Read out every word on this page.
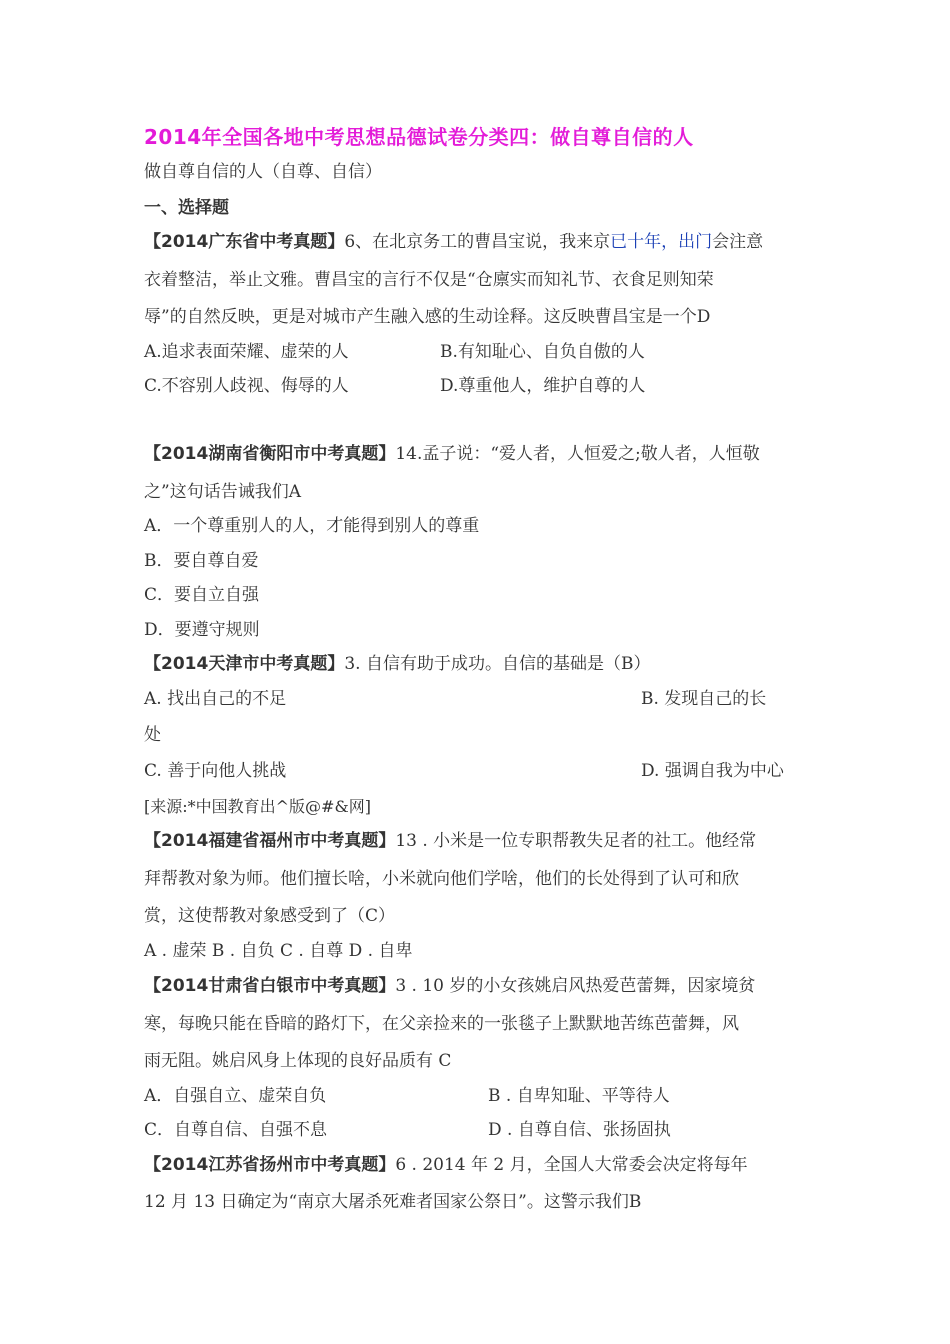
2014年全国各地中考思想品德试卷分类四：做自尊自信的人
做自尊自信的人（自尊、自信）
一、选择题
【2014广东省中考真题】6、在北京务工的曹昌宝说，我来京已十年，出门会注意
衣着整洁，举止文雅。曹昌宝的言行不仅是“仓廪实而知礼节、衣食足则知荣
辱”的自然反映，更是对城市产生融入感的生动诠释。这反映曹昌宝是一个D
A.追求表面荣耀、虚荣的人	B.有知耻心、自负自傲的人
C.不容别人歧视、侮辱的人	D.尊重他人，维护自尊的人
【2014湖南省衡阳市中考真题】14.孟子说：“爱人者，人恒爱之;敬人者，人恒敬
之”这句话告诫我们A
A．一个尊重别人的人，才能得到别人的尊重
B．要自尊自爱
C．要自立自强
D．要遵守规则
【2014天津市中考真题】3. 自信有助于成功。自信的基础是（B）
A. 找出自己的不足	B. 发现自己的长
处
C. 善于向他人挑战	D. 强调自我为中心
[来源:*中国教育出^版@#&网]
【2014福建省福州市中考真题】13 . 小米是一位专职帮教失足者的社工。他经常
拜帮教对象为师。他们擅长啥，小米就向他们学啥，他们的长处得到了认可和欣
赏，这使帮教对象感受到了（C）
A . 虚荣 B . 自负 C . 自尊 D . 自卑
【2014甘肃省白银市中考真题】3 . 10 岁的小女孩姚启风热爱芭蕾舞，因家境贫
寒，每晚只能在昏暗的路灯下，在父亲捡来的一张毯子上默默地苦练芭蕾舞，风
雨无阻。姚启风身上体现的良好品质有 C
A．自强自立、虚荣自负	B . 自卑知耻、平等待人
C．自尊自信、自强不息	D . 自尊自信、张扬固执
【2014江苏省扬州市中考真题】6 . 2014 年 2 月，全国人大常委会决定将每年
12 月 13 日确定为“南京大屠杀死难者国家公祭日”。这警示我们B
